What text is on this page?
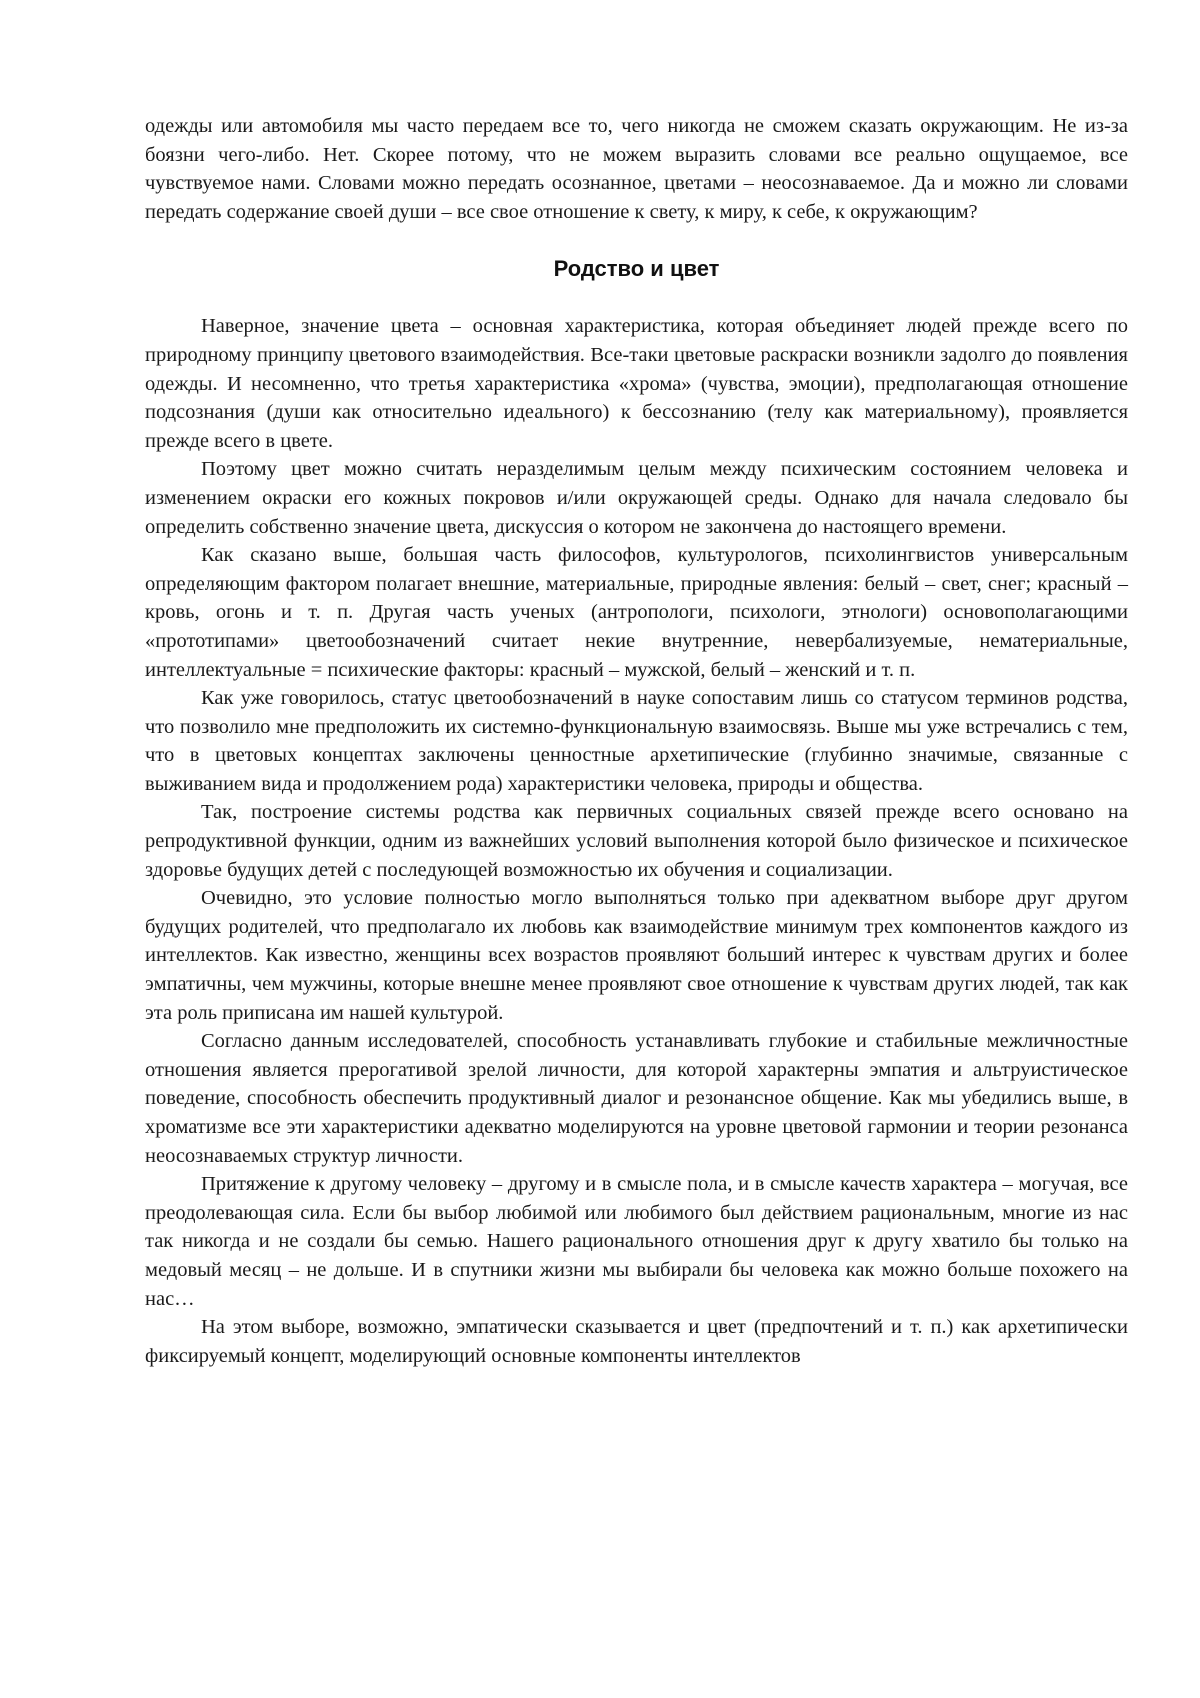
одежды или автомобиля мы часто передаем все то, чего никогда не сможем сказать окружающим. Не из-за боязни чего-либо. Нет. Скорее потому, что не можем выразить словами все реально ощущаемое, все чувствуемое нами. Словами можно передать осознанное, цветами – неосознаваемое. Да и можно ли словами передать содержание своей души – все свое отношение к свету, к миру, к себе, к окружающим?

Родство и цвет

Наверное, значение цвета – основная характеристика, которая объединяет людей прежде всего по природному принципу цветового взаимодействия. Все-таки цветовые раскраски возникли задолго до появления одежды. И несомненно, что третья характеристика «хрома» (чувства, эмоции), предполагающая отношение подсознания (души как относительно идеального) к бессознанию (телу как материальному), проявляется прежде всего в цвете.

Поэтому цвет можно считать неразделимым целым между психическим состоянием человека и изменением окраски его кожных покровов и/или окружающей среды. Однако для начала следовало бы определить собственно значение цвета, дискуссия о котором не закончена до настоящего времени.

Как сказано выше, большая часть философов, культурологов, психолингвистов универсальным определяющим фактором полагает внешние, материальные, природные явления: белый – свет, снег; красный – кровь, огонь и т. п. Другая часть ученых (антропологи, психологи, этнологи) основополагающими «прототипами» цветообозначений считает некие внутренние, невербализуемые, нематериальные, интеллектуальные = психические факторы: красный – мужской, белый – женский и т. п.

Как уже говорилось, статус цветообозначений в науке сопоставим лишь со статусом терминов родства, что позволило мне предположить их системно-функциональную взаимосвязь. Выше мы уже встречались с тем, что в цветовых концептах заключены ценностные архетипические (глубинно значимые, связанные с выживанием вида и продолжением рода) характеристики человека, природы и общества.

Так, построение системы родства как первичных социальных связей прежде всего основано на репродуктивной функции, одним из важнейших условий выполнения которой было физическое и психическое здоровье будущих детей с последующей возможностью их обучения и социализации.

Очевидно, это условие полностью могло выполняться только при адекватном выборе друг другом будущих родителей, что предполагало их любовь как взаимодействие минимум трех компонентов каждого из интеллектов. Как известно, женщины всех возрастов проявляют больший интерес к чувствам других и более эмпатичны, чем мужчины, которые внешне менее проявляют свое отношение к чувствам других людей, так как эта роль приписана им нашей культурой.

Согласно данным исследователей, способность устанавливать глубокие и стабильные межличностные отношения является прерогативой зрелой личности, для которой характерны эмпатия и альтруистическое поведение, способность обеспечить продуктивный диалог и резонансное общение. Как мы убедились выше, в хроматизме все эти характеристики адекватно моделируются на уровне цветовой гармонии и теории резонанса неосознаваемых структур личности.

Притяжение к другому человеку – другому и в смысле пола, и в смысле качеств характера – могучая, все преодолевающая сила. Если бы выбор любимой или любимого был действием рациональным, многие из нас так никогда и не создали бы семью. Нашего рационального отношения друг к другу хватило бы только на медовый месяц – не дольше. И в спутники жизни мы выбирали бы человека как можно больше похожего на нас…

На этом выборе, возможно, эмпатически сказывается и цвет (предпочтений и т. п.) как архетипически фиксируемый концепт, моделирующий основные компоненты интеллектов
